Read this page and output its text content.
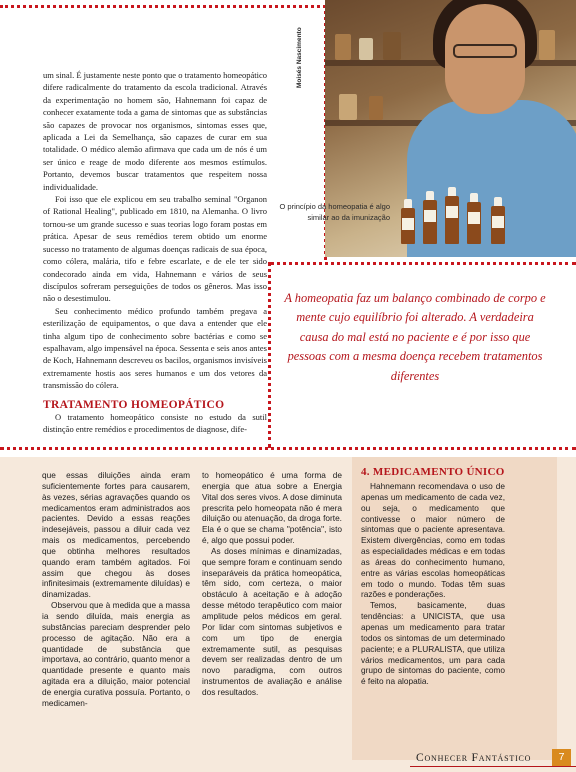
um sinal. É justamente neste ponto que o tratamento homeopático difere radicalmente do tratamento da escola tradicional. Através da experimentação no homem são, Hahnemann foi capaz de conhecer exatamente toda a gama de sintomas que as substâncias são capazes de provocar nos organismos, sintomas esses que, aplicada a Lei da Semelhança, são capazes de curar em sua totalidade. O médico alemão afirmava que cada um de nós é um ser único e reage de modo diferente aos mesmos estímulos. Portanto, devemos buscar tratamentos que respeitem nossa individualidade.

Foi isso que ele explicou em seu trabalho seminal "Organon of Rational Healing", publicado em 1810, na Alemanha. O livro tornou-se um grande sucesso e suas teorias logo foram postas em prática. Apesar de seus remédios terem obtido um enorme sucesso no tratamento de algumas doenças radicais de sua época, como cólera, malária, tifo e febre escarlate, e de ele ter sido condecorado ainda em vida, Hahnemann e vários de seus discípulos sofreram perseguições de todos os gêneros. Mas isso não o desestimulou.

Seu conhecimento médico profundo também pregava a esterilização de equipamentos, o que dava a entender que ele tinha algum tipo de conhecimento sobre bactérias e como se espalhavam, algo impensável na época. Sessenta e seis anos antes de Koch, Hahnemann descreveu os bacilos, organismos invisíveis extremamente hostis aos seres humanos e um dos vetores da transmissão do cólera.

TRATAMENTO HOMEOPÁTICO

O tratamento homeopático consiste no estudo da sutil distinção entre remédios e procedimentos de diagnose, dife-

Moisés Nascimento
O princípio da homeopatia é algo similar ao da imunização
A homeopatia faz um balanço combinado de corpo e mente cujo equilíbrio foi alterado. A verdadeira causa do mal está no paciente e é por isso que pessoas com a mesma doença recebem tratamentos diferentes

que essas diluições ainda eram suficientemente fortes para causarem, às vezes, sérias agravações quando os medicamentos eram administrados aos pacientes. Devido a essas reações indesejáveis, passou a diluir cada vez mais os medicamentos, percebendo que obtinha melhores resultados quando eram também agitados. Foi assim que chegou às doses infinitesimais (extremamente diluídas) e dinamizadas.

Observou que à medida que a massa ia sendo diluída, mais energia as substâncias pareciam desprender pelo processo de agitação. Não era a quantidade de substância que importava, ao contrário, quanto menor a quantidade presente e quanto mais agitada era a diluição, maior potencial de energia curativa possuía. Portanto, o medicamen-

to homeopático é uma forma de energia que atua sobre a Energia Vital dos seres vivos. A dose diminuta prescrita pelo homeopata não é mera diluição ou atenuação, da droga forte. Ela é o que se chama "potência", isto é, algo que possui poder.

As doses mínimas e dinamizadas, que sempre foram e continuam sendo inseparáveis da prática homeopática, têm sido, com certeza, o maior obstáculo à aceitação e à adoção desse método terapêutico com maior amplitude pelos médicos em geral. Por lidar com sintomas subjetivos e com um tipo de energia extremamente sutil, as pesquisas devem ser realizadas dentro de um novo paradigma, com outros instrumentos de avaliação e análise dos resultados.

4. MEDICAMENTO ÚNICO

Hahnemann recomendava o uso de apenas um medicamento de cada vez, ou seja, o medicamento que contivesse o maior número de sintomas que o paciente apresentava. Existem divergências, como em todas as especialidades médicas e em todas as áreas do conhecimento humano, entre as várias escolas homeopáticas em todo o mundo. Todas têm suas razões e ponderações.

Temos, basicamente, duas tendências: a UNICISTA, que usa apenas um medicamento para tratar todos os sintomas de um determinado paciente; e a PLURALISTA, que utiliza vários medicamentos, um para cada grupo de sintomas do paciente, como é feito na alopatia.

Conhecer Fantástico	7
